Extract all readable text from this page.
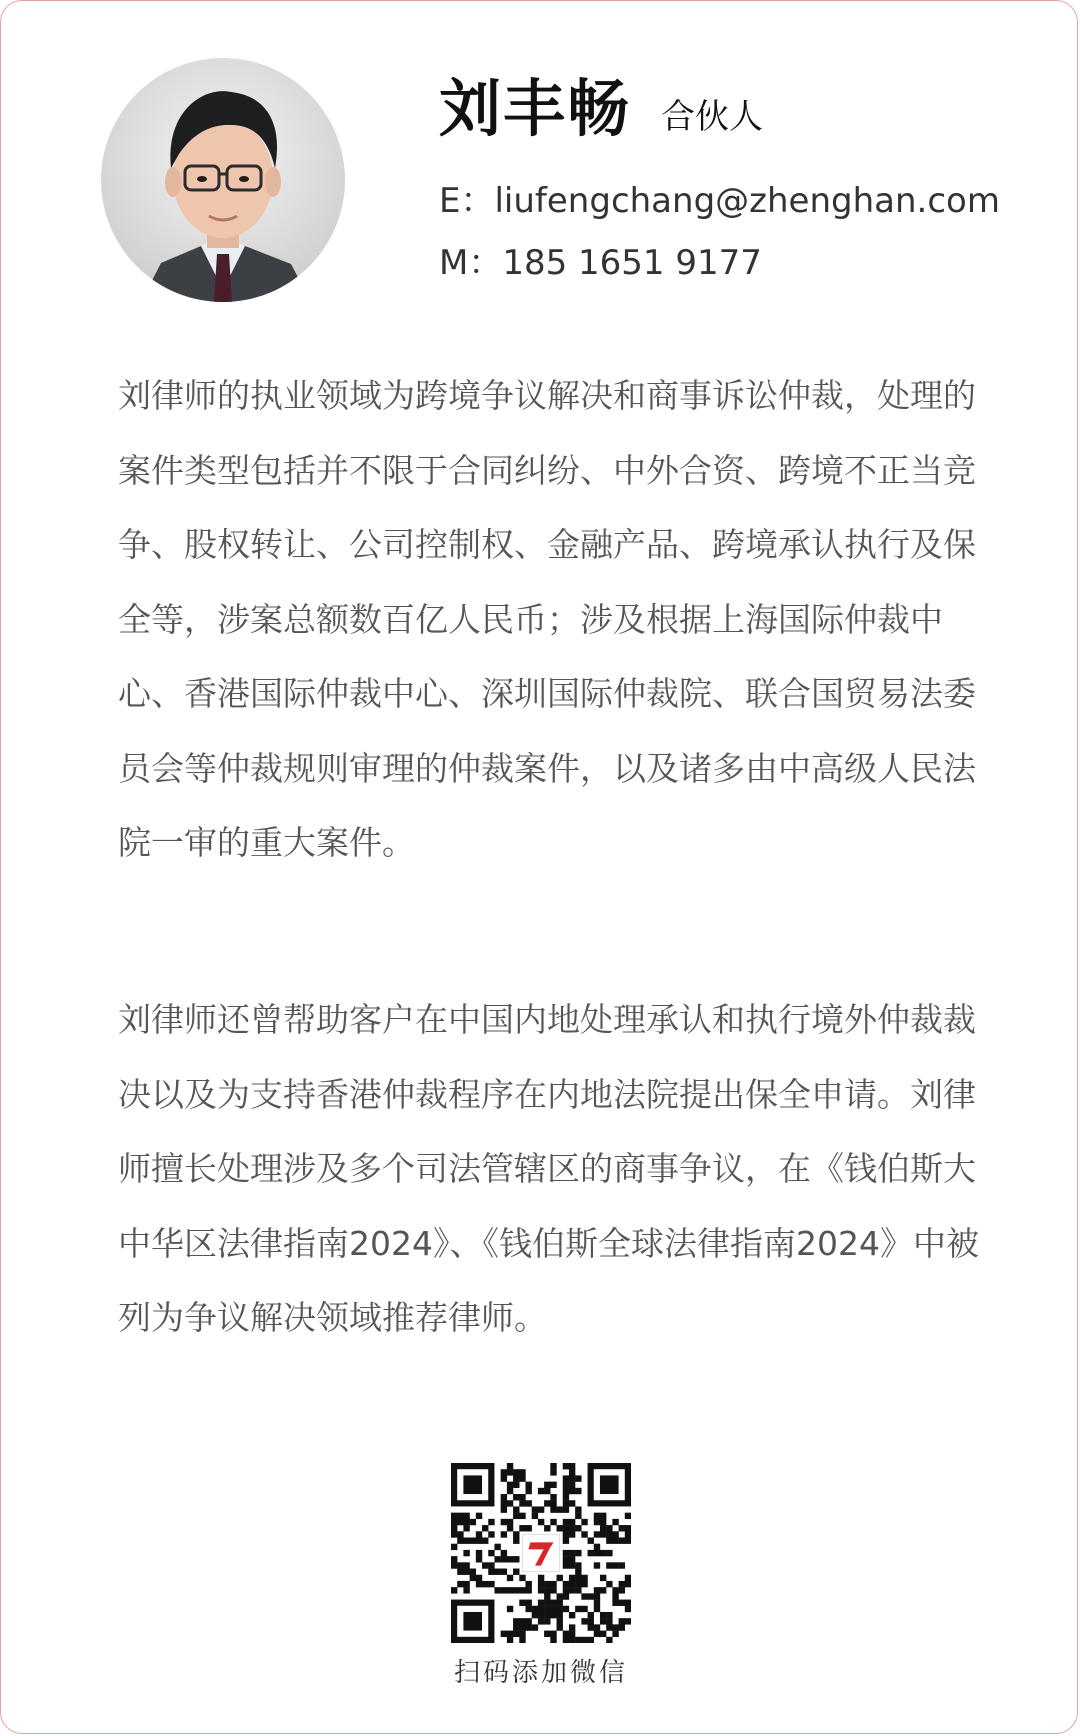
刘丰畅 合伙人
E：liufengchang@zhenghan.com
M：185 1651 9177

刘律师的执业领域为跨境争议解决和商事诉讼仲裁，处理的案件类型包括并不限于合同纠纷、中外合资、跨境不正当竞争、股权转让、公司控制权、金融产品、跨境承认执行及保全等，涉案总额数百亿人民币；涉及根据上海国际仲裁中心、香港国际仲裁中心、深圳国际仲裁院、联合国贸易法委员会等仲裁规则审理的仲裁案件，以及诸多由中高级人民法院一审的重大案件。

刘律师还曾帮助客户在中国内地处理承认和执行境外仲裁裁决以及为支持香港仲裁程序在内地法院提出保全申请。刘律师擅长处理涉及多个司法管辖区的商事争议，在《钱伯斯大中华区法律指南2024》、《钱伯斯全球法律指南2024》中被列为争议解决领域推荐律师。

扫码添加微信
